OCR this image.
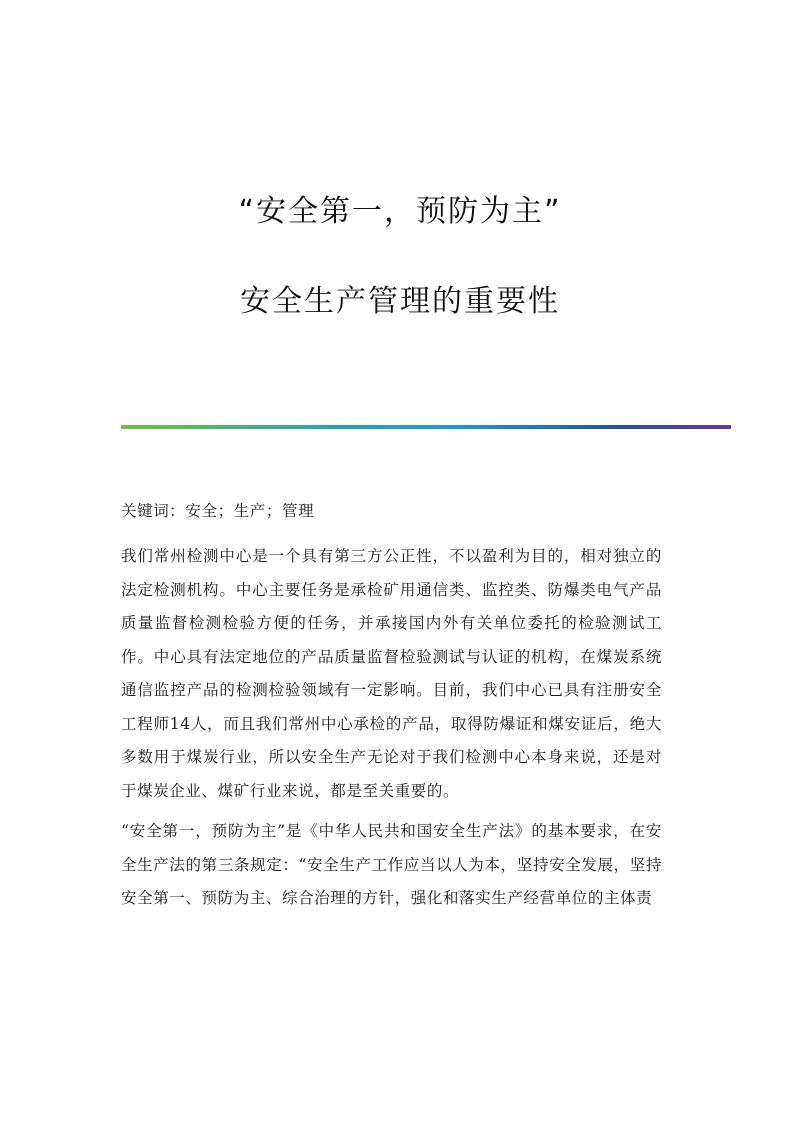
“安全第一，预防为主”
安全生产管理的重要性
关键词：安全；生产；管理

我们常州检测中心是一个具有第三方公正性，不以盈利为目的，相对独立的法定检测机构。中心主要任务是承检矿用通信类、监控类、防爆类电气产品质量监督检测检验方便的任务，并承接国内外有关单位委托的检验测试工作。中心具有法定地位的产品质量监督检验测试与认证的机构，在煤炭系统通信监控产品的检测检验领域有一定影响。目前，我们中心已具有注册安全工程师14人，而且我们常州中心承检的产品，取得防爆证和煤安证后，绝大多数用于煤炭行业，所以安全生产无论对于我们检测中心本身来说，还是对于煤炭企业、煤矿行业来说，都是至关重要的。

“安全第一，预防为主”是《中华人民共和国安全生产法》的基本要求，在安全生产法的第三条规定：“安全生产工作应当以人为本，坚持安全发展，坚持安全第一、预防为主、综合治理的方针，强化和落实生产经营单位的主体责
